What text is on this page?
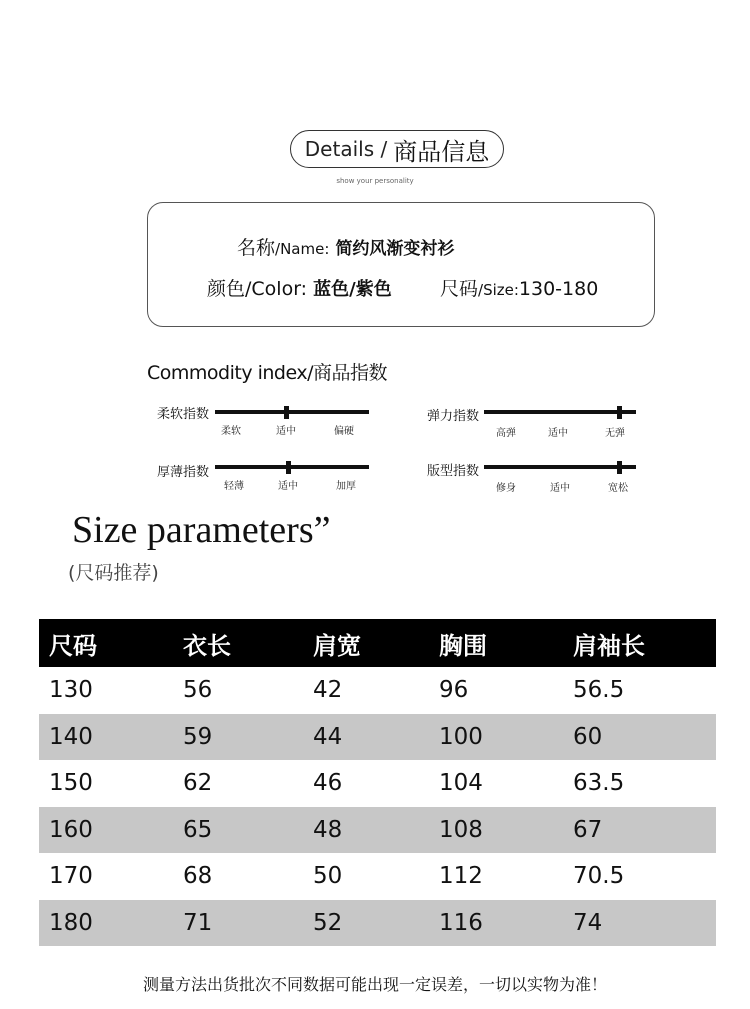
Details / 商品信息
show your personality
名称/Name: 简约风渐变衬衫
颜色/Color: 蓝色/紫色	尺码/Size:130-180
Commodity index/商品指数
柔软指数
柔软	适中	偏硬
弹力指数
高弹	适中	无弹
厚薄指数
轻薄	适中	加厚
版型指数
修身	适中	宽松
Size parameters”
(尺码推荐)
尺码	衣长	肩宽	胸围	肩袖长
130	56	42	96	56.5
140	59	44	100	60
150	62	46	104	63.5
160	65	48	108	67
170	68	50	112	70.5
180	71	52	116	74
测量方法出货批次不同数据可能出现一定误差，一切以实物为准！
